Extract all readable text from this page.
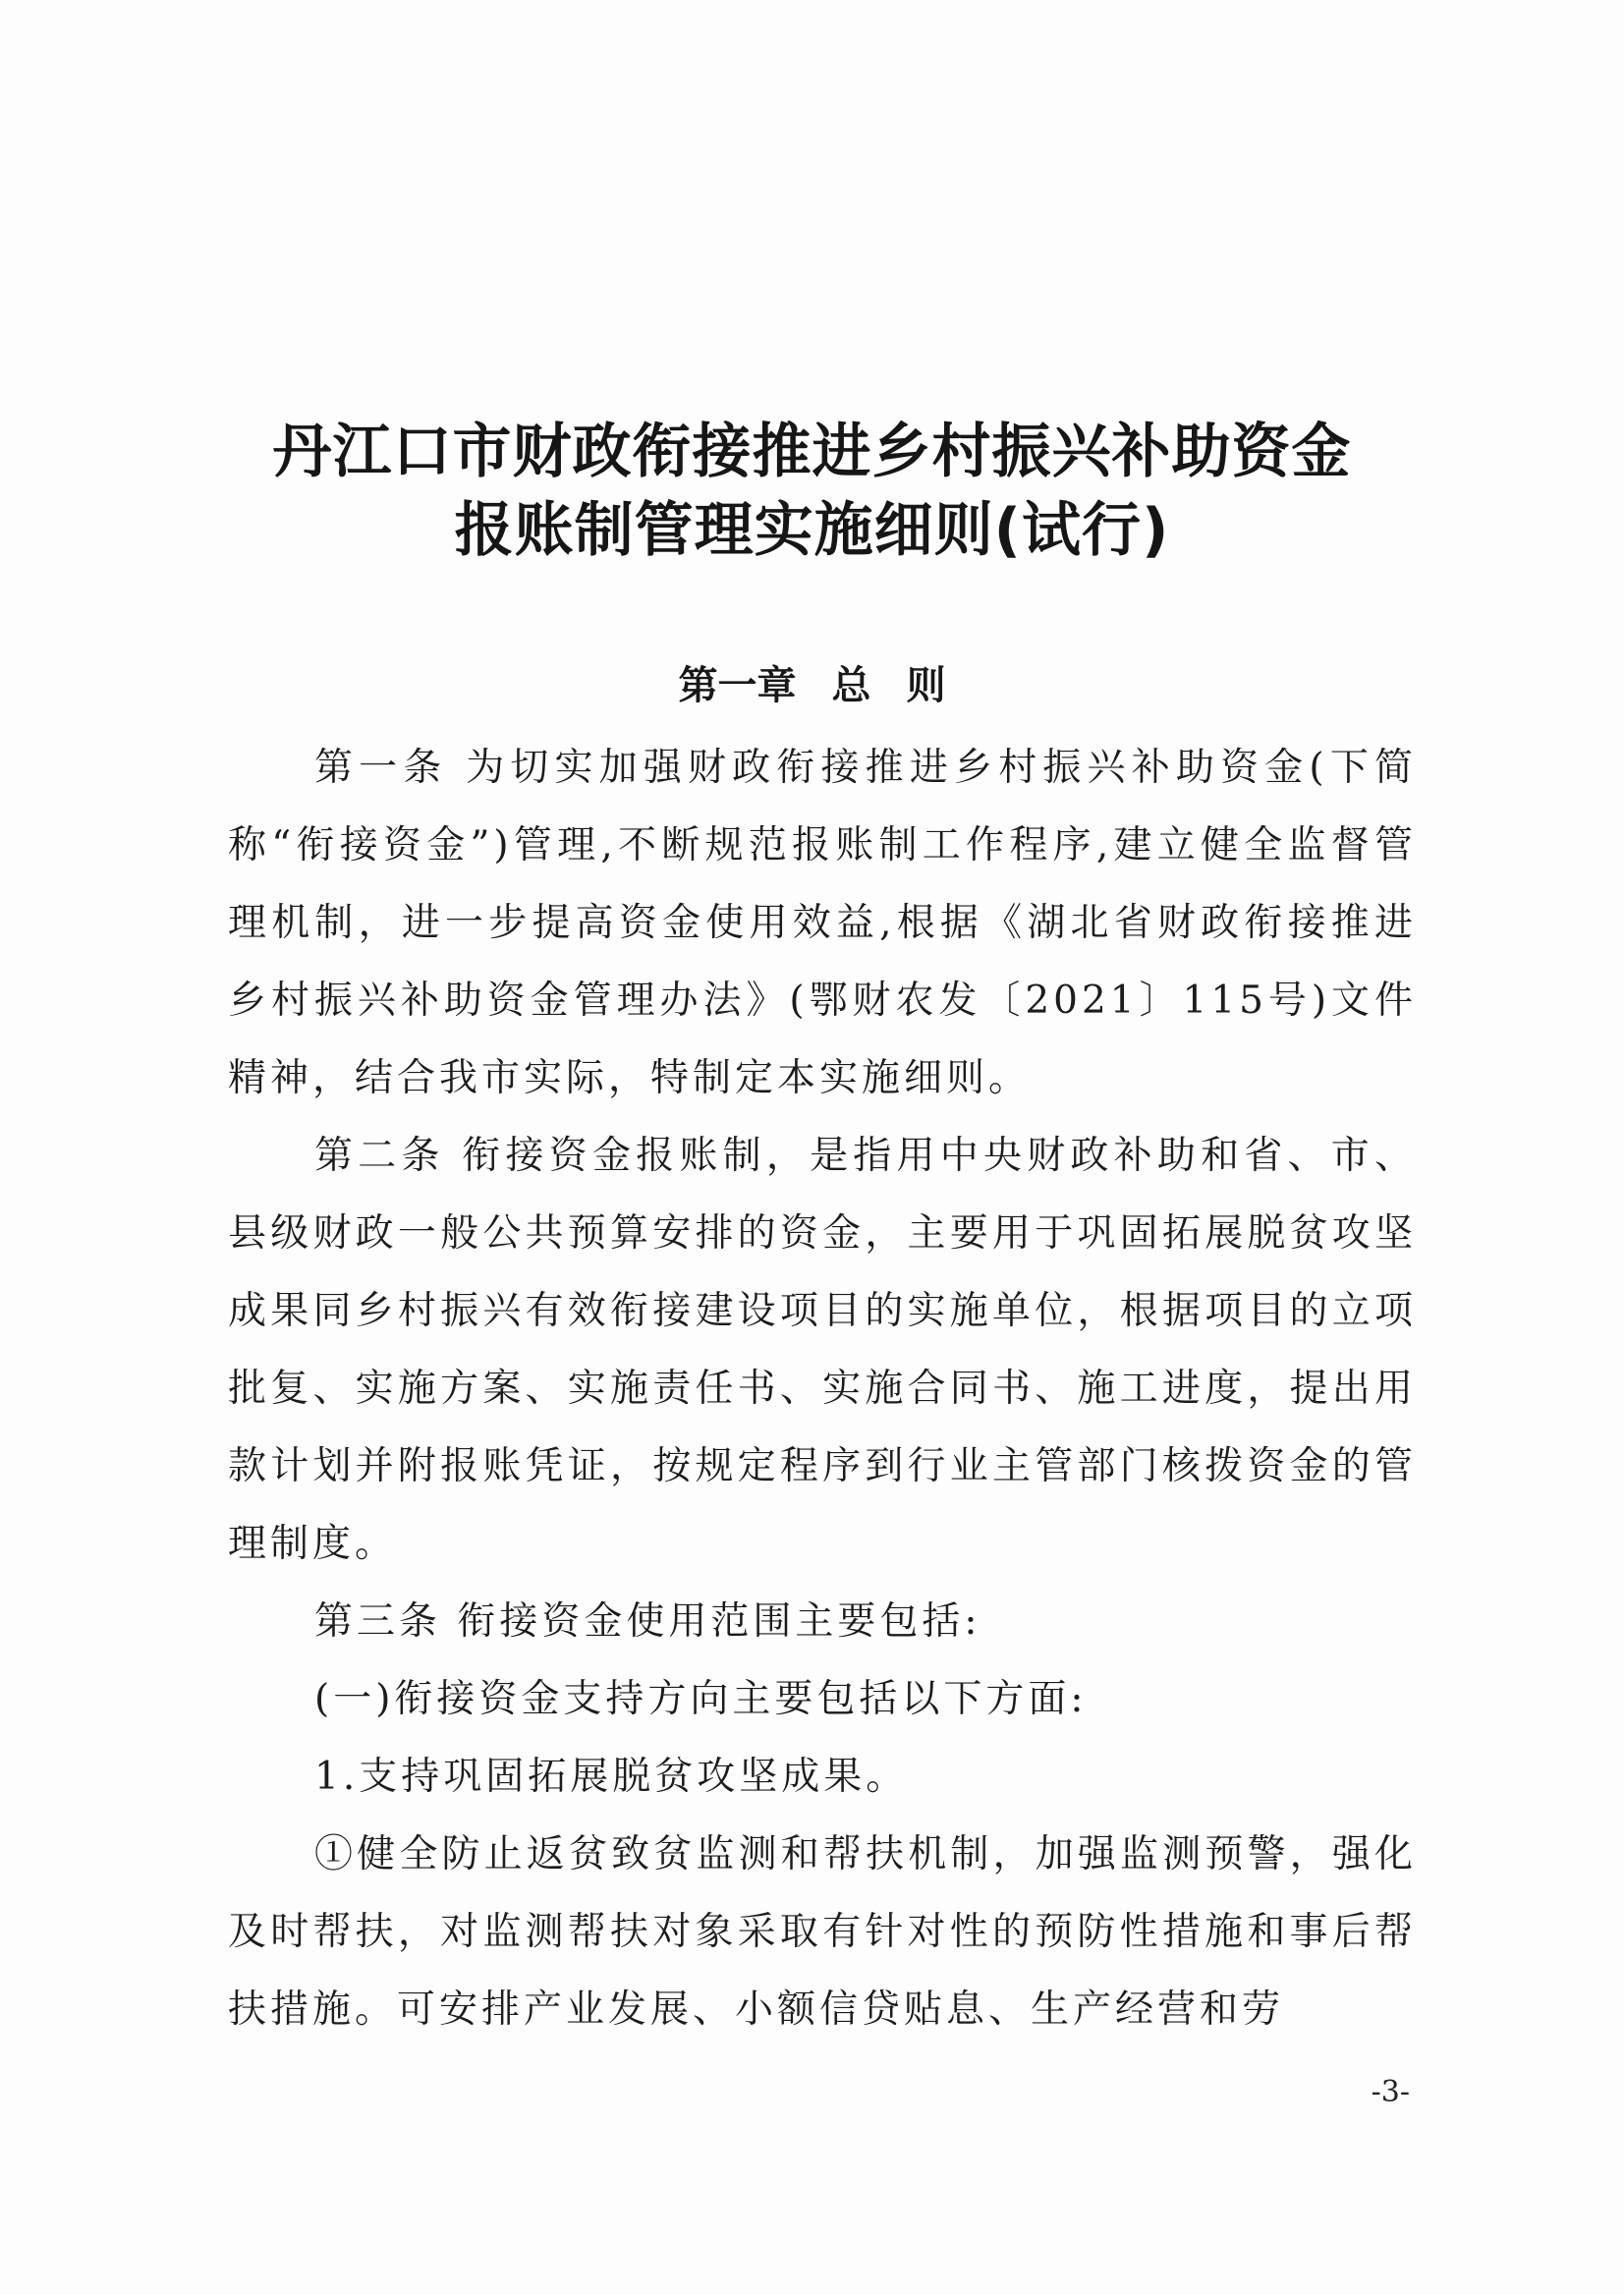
丹江口市财政衔接推进乡村振兴补助资金
报账制管理实施细则(试行)
第一章 总 则

第一条 为切实加强财政衔接推进乡村振兴补助资金(下简称“衔接资金”)管理,不断规范报账制工作程序,建立健全监督管理机制，进一步提高资金使用效益,根据《湖北省财政衔接推进乡村振兴补助资金管理办法》(鄂财农发〔2021〕115号)文件精神，结合我市实际，特制定本实施细则。

第二条 衔接资金报账制，是指用中央财政补助和省、市、县级财政一般公共预算安排的资金，主要用于巩固拓展脱贫攻坚成果同乡村振兴有效衔接建设项目的实施单位，根据项目的立项批复、实施方案、实施责任书、实施合同书、施工进度，提出用款计划并附报账凭证，按规定程序到行业主管部门核拨资金的管理制度。

第三条 衔接资金使用范围主要包括:

(一)衔接资金支持方向主要包括以下方面:

1.支持巩固拓展脱贫攻坚成果。

①健全防止返贫致贫监测和帮扶机制，加强监测预警，强化及时帮扶，对监测帮扶对象采取有针对性的预防性措施和事后帮扶措施。可安排产业发展、小额信贷贴息、生产经营和劳

-3-
